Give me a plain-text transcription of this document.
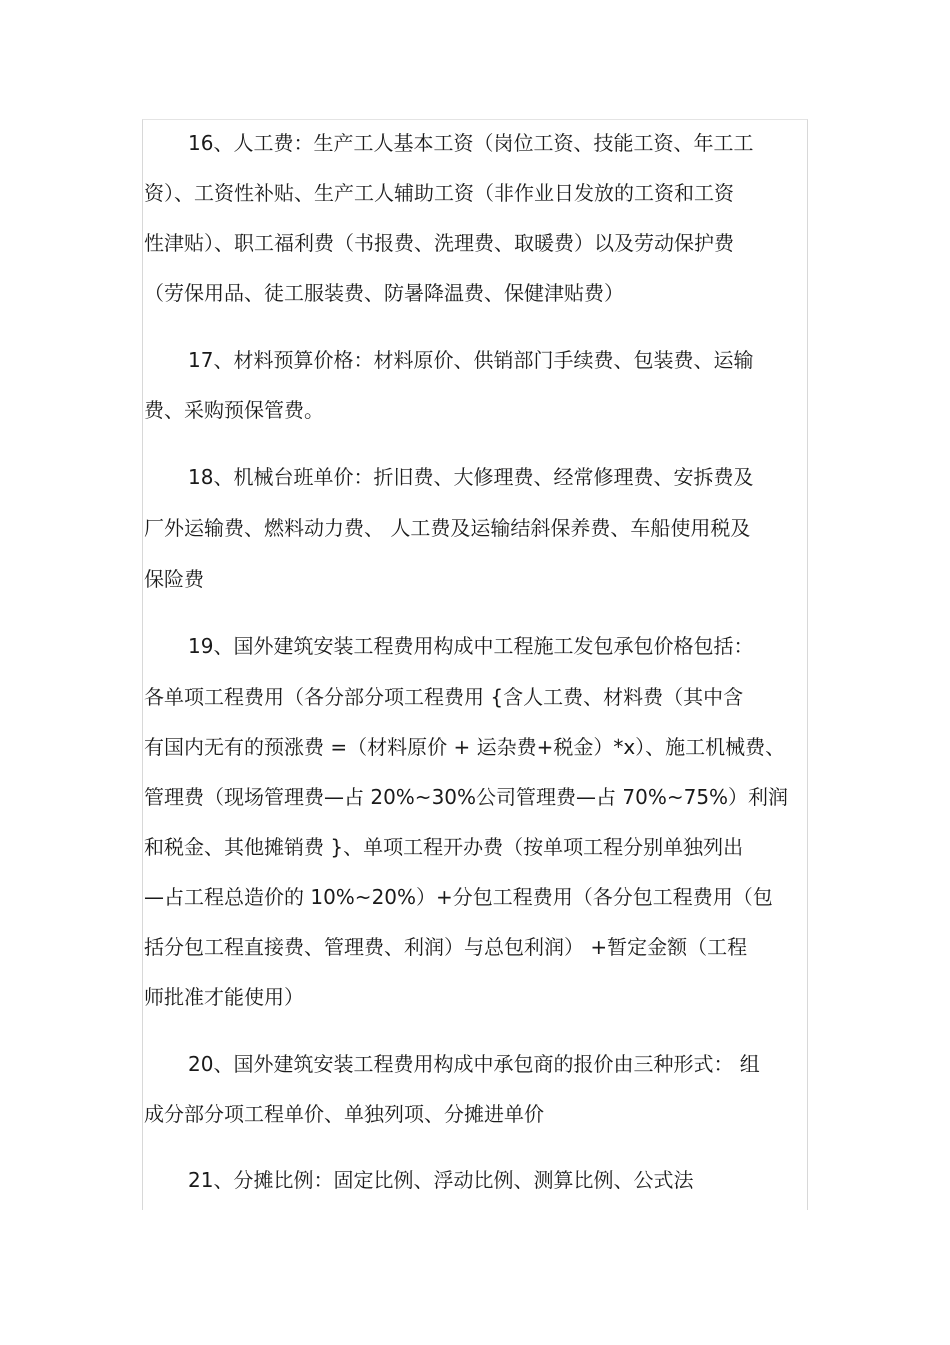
16、人工费：生产工人基本工资（岗位工资、技能工资、年工工
资）、工资性补贴、生产工人辅助工资（非作业日发放的工资和工资
性津贴）、职工福利费（书报费、洗理费、取暖费）以及劳动保护费
（劳保用品、徒工服装费、防暑降温费、保健津贴费）
17、材料预算价格：材料原价、供销部门手续费、包装费、运输
费、采购预保管费。
18、机械台班单价：折旧费、大修理费、经常修理费、安拆费及
厂外运输费、燃料动力费、 人工费及运输结斜保养费、车船使用税及
保险费
19、国外建筑安装工程费用构成中工程施工发包承包价格包括：
各单项工程费用（各分部分项工程费用 {含人工费、材料费（其中含
有国内无有的预涨费 =（材料原价 + 运杂费+税金）*x）、施工机械费、
管理费（现场管理费—占 20%~30%公司管理费—占 70%~75%）利润
和税金、其他摊销费 }、单项工程开办费（按单项工程分别单独列出
—占工程总造价的 10%~20%）+分包工程费用（各分包工程费用（包
括分包工程直接费、管理费、利润）与总包利润） +暂定金额（工程
师批准才能使用）
20、国外建筑安装工程费用构成中承包商的报价由三种形式： 组
成分部分项工程单价、单独列项、分摊进单价
21、分摊比例：固定比例、浮动比例、测算比例、公式法
